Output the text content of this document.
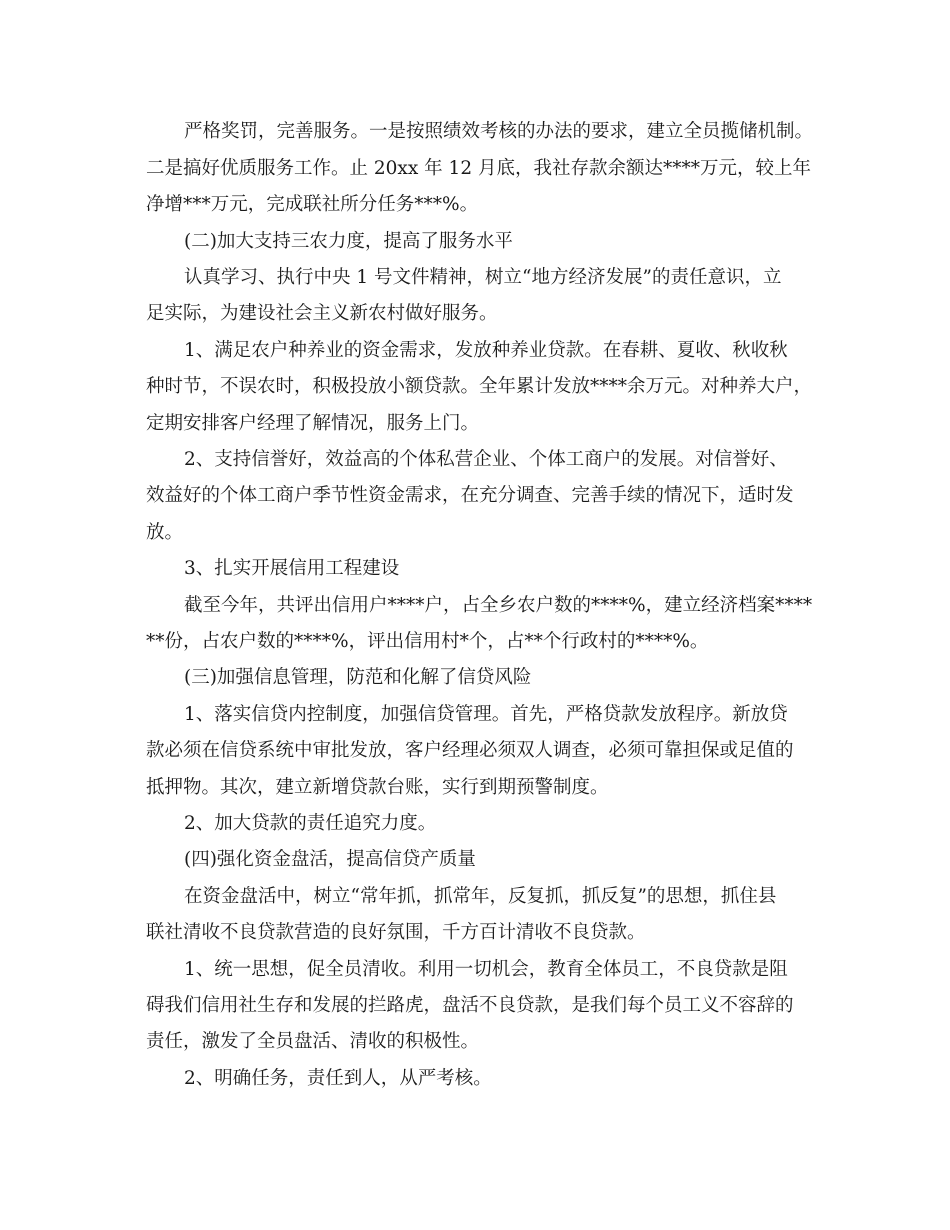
严格奖罚，完善服务。一是按照绩效考核的办法的要求，建立全员揽储机制。
二是搞好优质服务工作。止 20xx 年 12 月底，我社存款余额达****万元，较上年
净增***万元，完成联社所分任务***%。
(二)加大支持三农力度，提高了服务水平
认真学习、执行中央 1 号文件精神，树立“地方经济发展”的责任意识，立
足实际，为建设社会主义新农村做好服务。
1、满足农户种养业的资金需求，发放种养业贷款。在春耕、夏收、秋收秋
种时节，不误农时，积极投放小额贷款。全年累计发放****余万元。对种养大户，
定期安排客户经理了解情况，服务上门。
2、支持信誉好，效益高的个体私营企业、个体工商户的发展。对信誉好、
效益好的个体工商户季节性资金需求，在充分调查、完善手续的情况下，适时发
放。
3、扎实开展信用工程建设
截至今年，共评出信用户****户，占全乡农户数的****%，建立经济档案****
**份，占农户数的****%，评出信用村*个，占**个行政村的****%。
(三)加强信息管理，防范和化解了信贷风险
1、落实信贷内控制度，加强信贷管理。首先，严格贷款发放程序。新放贷
款必须在信贷系统中审批发放，客户经理必须双人调查，必须可靠担保或足值的
抵押物。其次，建立新增贷款台账，实行到期预警制度。
2、加大贷款的责任追究力度。
(四)强化资金盘活，提高信贷产质量
在资金盘活中，树立“常年抓，抓常年，反复抓，抓反复”的思想，抓住县
联社清收不良贷款营造的良好氛围，千方百计清收不良贷款。
1、统一思想，促全员清收。利用一切机会，教育全体员工，不良贷款是阻
碍我们信用社生存和发展的拦路虎，盘活不良贷款，是我们每个员工义不容辞的
责任，激发了全员盘活、清收的积极性。
2、明确任务，责任到人，从严考核。
